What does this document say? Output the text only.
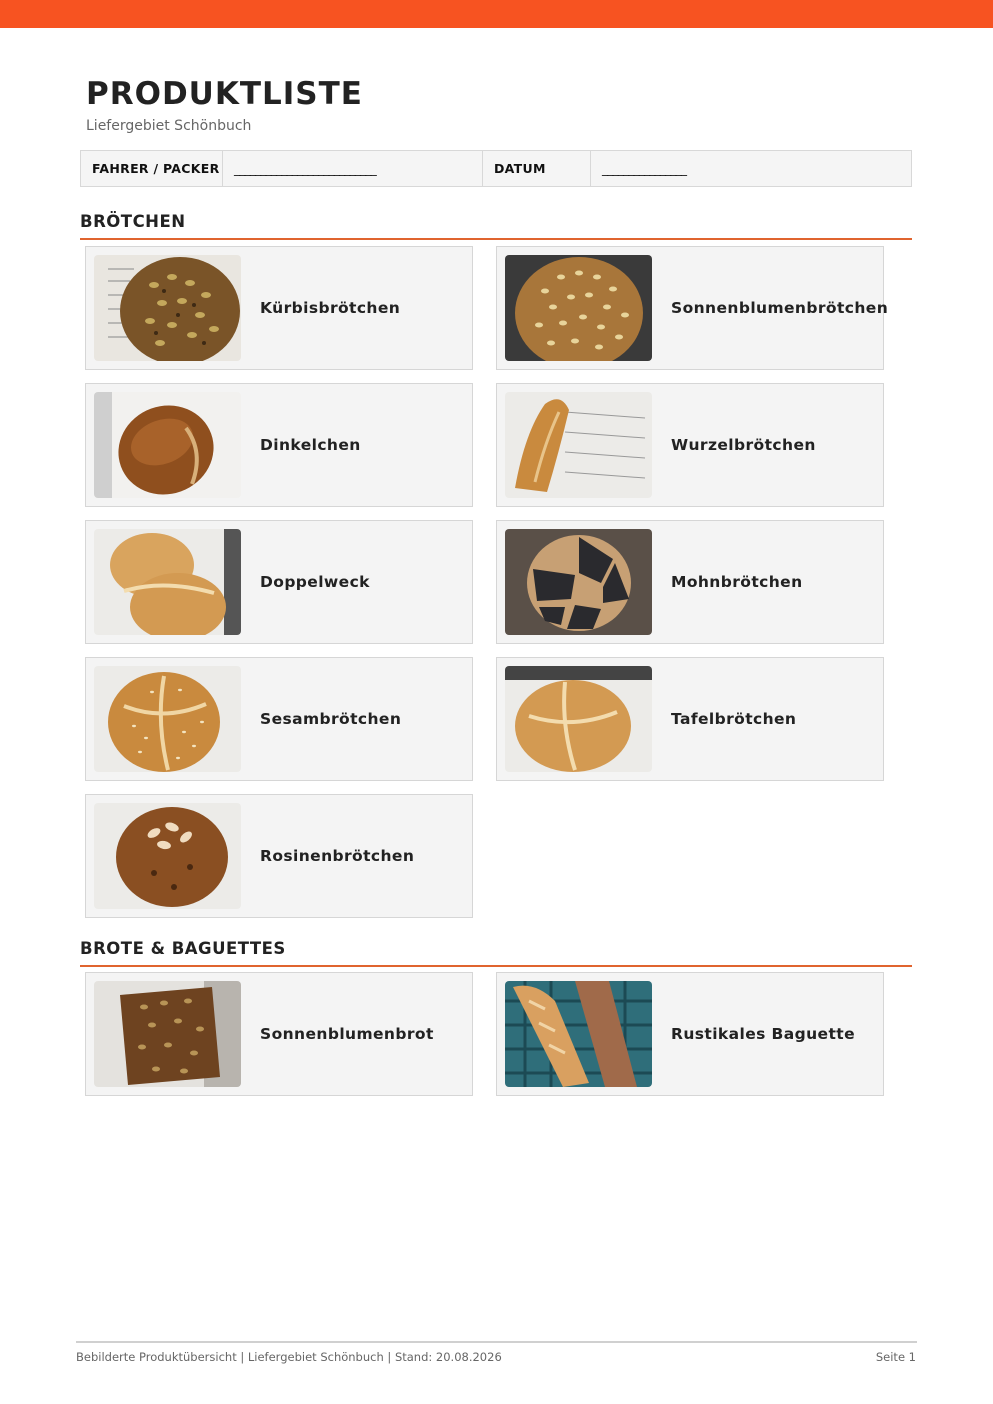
PRODUKTLISTE
Liefergebiet Schönbuch
FAHRER / PACKER	___________________________	DATUM	________________
BRÖTCHEN
Kürbisbrötchen	Sonnenblumenbrötchen
Dinkelchen	Wurzelbrötchen
Doppelweck	Mohnbrötchen
Sesambrötchen	Tafelbrötchen
Rosinenbrötchen
BROTE & BAGUETTES
Sonnenblumenbrot	Rustikales Baguette
Bebilderte Produktübersicht | Liefergebiet Schönbuch | Stand: 20.08.2026	Seite 1
